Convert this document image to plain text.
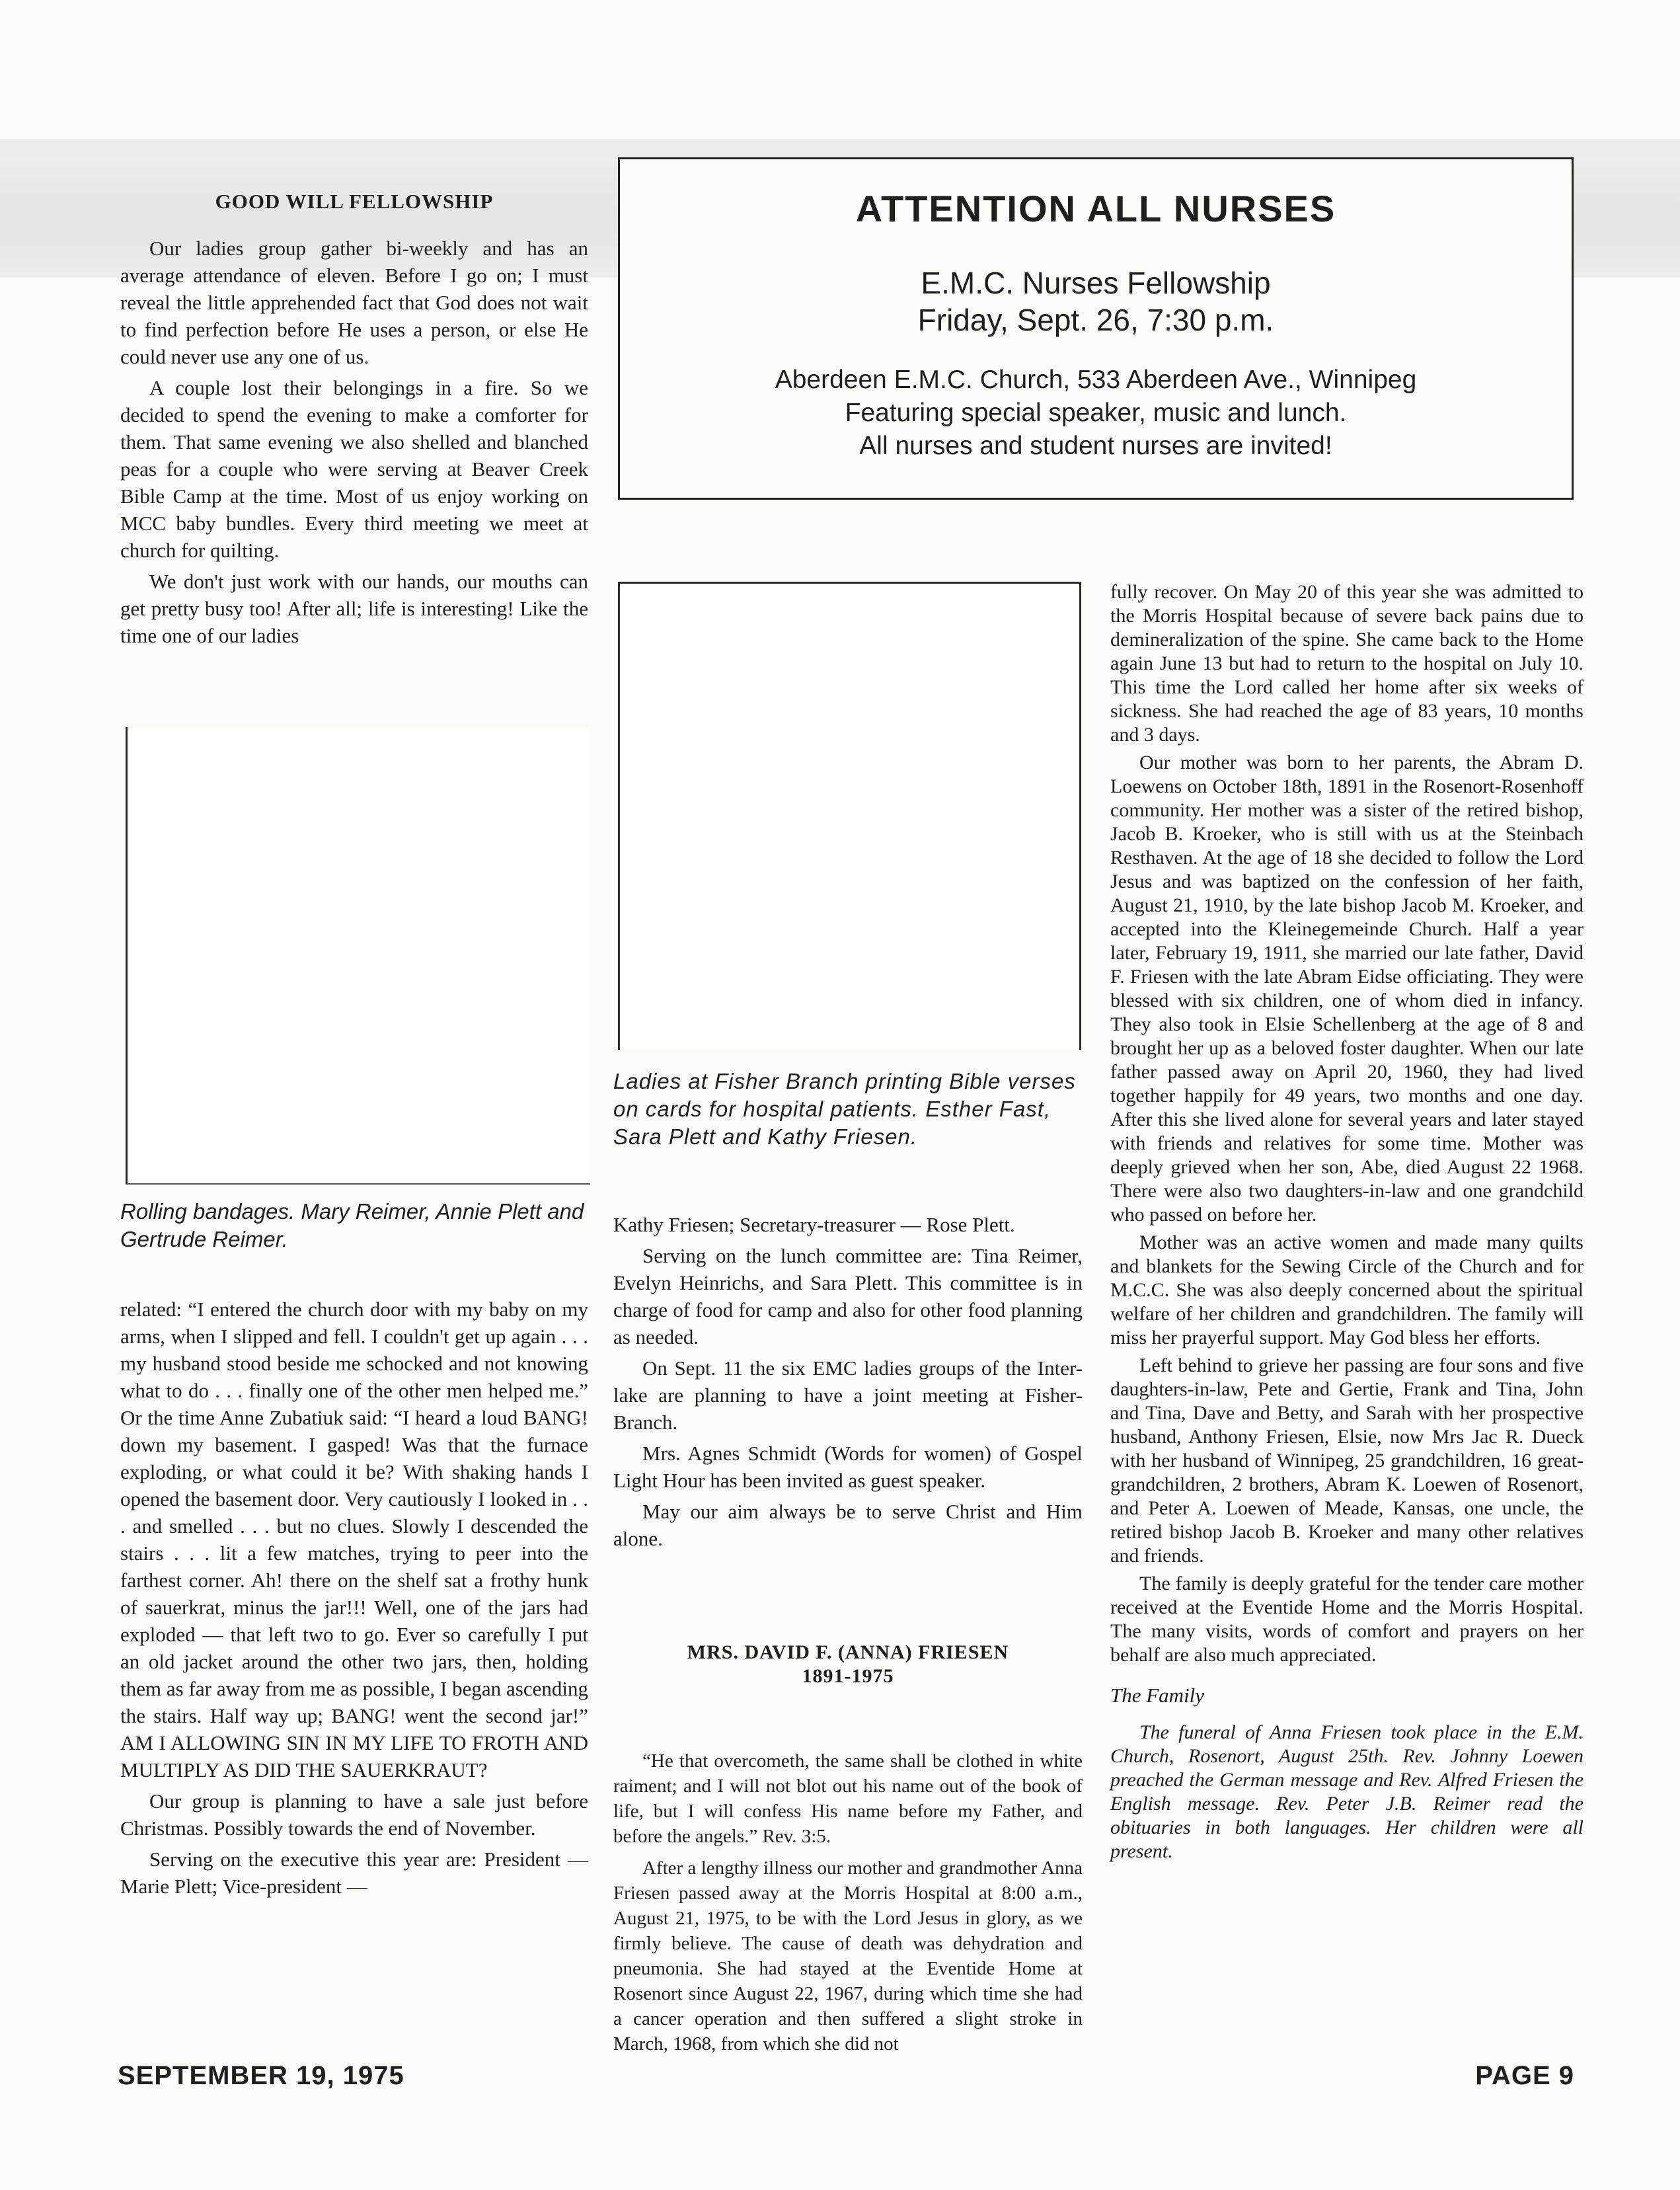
GOOD WILL FELLOWSHIP

Our ladies group gather bi-weekly and has an average attendance of eleven. Before I go on; I must reveal the little apprehended fact that God does not wait to find perfection before He uses a person, or else He could never use any one of us.

A couple lost their belongings in a fire. So we decided to spend the evening to make a comforter for them. That same evening we also shelled and blanched peas for a couple who were serving at Beaver Creek Bible Camp at the time. Most of us enjoy working on MCC baby bundles. Every third meeting we meet at church for quilting.

We don't just work with our hands, our mouths can get pretty busy too! After all; life is interesting! Like the time one of our ladies

Rolling bandages. Mary Reimer, Annie Plett and Gertrude Reimer.

related: “I entered the church door with my baby on my arms, when I slipped and fell. I couldn't get up again . . . my husband stood beside me schocked and not knowing what to do . . . finally one of the other men helped me.” Or the time Anne Zubatiuk said: “I heard a loud BANG! down my basement. I gasped! Was that the furnace exploding, or what could it be? With shaking hands I opened the basement door. Very cautiously I looked in . . . and smelled . . . but no clues. Slowly I descended the stairs . . . lit a few matches, trying to peer into the farthest corner. Ah! there on the shelf sat a frothy hunk of sauerkrat, minus the jar!!! Well, one of the jars had exploded — that left two to go. Ever so carefully I put an old jacket around the other two jars, then, holding them as far away from me as possible, I began ascending the stairs. Half way up; BANG! went the second jar!” AM I ALLOWING SIN IN MY LIFE TO FROTH AND MULTIPLY AS DID THE SAUERKRAUT?

Our group is planning to have a sale just before Christmas. Possibly towards the end of November.

Serving on the executive this year are: President — Marie Plett; Vice-president —

ATTENTION ALL NURSES
E.M.C. Nurses Fellowship
Friday, Sept. 26, 7:30 p.m.
Aberdeen E.M.C. Church, 533 Aberdeen Ave., Winnipeg
Featuring special speaker, music and lunch.
All nurses and student nurses are invited!
Ladies at Fisher Branch printing Bible verses on cards for hospital patients. Esther Fast, Sara Plett and Kathy Friesen.

Kathy Friesen; Secretary-treasurer — Rose Plett.

Serving on the lunch committee are: Tina Reimer, Evelyn Heinrichs, and Sara Plett. This committee is in charge of food for camp and also for other food planning as needed.

On Sept. 11 the six EMC ladies groups of the Inter-lake are planning to have a joint meeting at Fisher-Branch.

Mrs. Agnes Schmidt (Words for women) of Gospel Light Hour has been invited as guest speaker.

May our aim always be to serve Christ and Him alone.

MRS. DAVID F. (ANNA) FRIESEN
1891-1975

“He that overcometh, the same shall be clothed in white raiment; and I will not blot out his name out of the book of life, but I will confess His name before my Father, and before the angels.” Rev. 3:5.

After a lengthy illness our mother and grandmother Anna Friesen passed away at the Morris Hospital at 8:00 a.m., August 21, 1975, to be with the Lord Jesus in glory, as we firmly believe. The cause of death was dehydration and pneumonia. She had stayed at the Eventide Home at Rosenort since August 22, 1967, during which time she had a cancer operation and then suffered a slight stroke in March, 1968, from which she did not

fully recover. On May 20 of this year she was admitted to the Morris Hospital because of severe back pains due to demineralization of the spine. She came back to the Home again June 13 but had to return to the hospital on July 10. This time the Lord called her home after six weeks of sickness. She had reached the age of 83 years, 10 months and 3 days.

Our mother was born to her parents, the Abram D. Loewens on October 18th, 1891 in the Rosenort-Rosenhoff community. Her mother was a sister of the retired bishop, Jacob B. Kroeker, who is still with us at the Steinbach Resthaven. At the age of 18 she decided to follow the Lord Jesus and was baptized on the confession of her faith, August 21, 1910, by the late bishop Jacob M. Kroeker, and accepted into the Kleinegemeinde Church. Half a year later, February 19, 1911, she married our late father, David F. Friesen with the late Abram Eidse officiating. They were blessed with six children, one of whom died in infancy. They also took in Elsie Schellenberg at the age of 8 and brought her up as a beloved foster daughter. When our late father passed away on April 20, 1960, they had lived together happily for 49 years, two months and one day. After this she lived alone for several years and later stayed with friends and relatives for some time. Mother was deeply grieved when her son, Abe, died August 22 1968. There were also two daughters-in-law and one grandchild who passed on before her.

Mother was an active women and made many quilts and blankets for the Sewing Circle of the Church and for M.C.C. She was also deeply concerned about the spiritual welfare of her children and grandchildren. The family will miss her prayerful support. May God bless her efforts.

Left behind to grieve her passing are four sons and five daughters-in-law, Pete and Gertie, Frank and Tina, John and Tina, Dave and Betty, and Sarah with her prospective husband, Anthony Friesen, Elsie, now Mrs Jac R. Dueck with her husband of Winnipeg, 25 grandchildren, 16 great-grandchildren, 2 brothers, Abram K. Loewen of Rosenort, and Peter A. Loewen of Meade, Kansas, one uncle, the retired bishop Jacob B. Kroeker and many other relatives and friends.

The family is deeply grateful for the tender care mother received at the Eventide Home and the Morris Hospital. The many visits, words of comfort and prayers on her behalf are also much appreciated.

The Family

The funeral of Anna Friesen took place in the E.M. Church, Rosenort, August 25th. Rev. Johnny Loewen preached the German message and Rev. Alfred Friesen the English message. Rev. Peter J.B. Reimer read the obituaries in both languages. Her children were all present.

SEPTEMBER 19, 1975	PAGE 9
